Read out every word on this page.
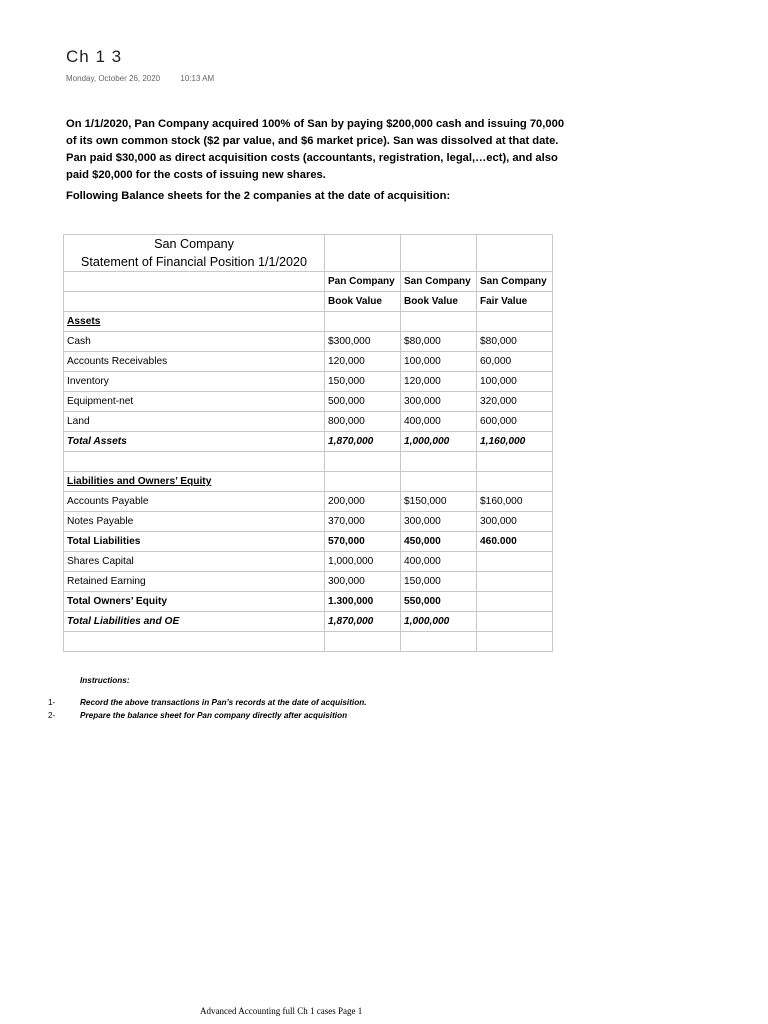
Ch 1 3
Monday, October 26, 2020	10:13 AM
On 1/1/2020, Pan Company acquired 100% of San by paying $200,000 cash and issuing 70,000 of its own common stock ($2 par value, and $6 market price). San was dissolved at that date. Pan paid $30,000 as direct acquisition costs (accountants, registration, legal,…ect), and also paid $20,000 for the costs of issuing new shares.
Following Balance sheets for the 2 companies at the date of acquisition:
San Company
Statement of Financial Position 1/1/2020			

	Pan Company	San Company	San Company
	Book Value	Book Value	Fair Value
Assets			
Cash	$300,000	$80,000	$80,000
Accounts Receivables	120,000	100,000	60,000
Inventory	150,000	120,000	100,000
Equipment-net	500,000	300,000	320,000
Land	800,000	400,000	600,000
Total Assets	1,870,000	1,000,000	1,160,000

Liabilities and Owners’ Equity			
Accounts Payable	200,000	$150,000	$160,000
Notes Payable	370,000	300,000	300,000
Total Liabilities	570,000	450,000	460.000
Shares Capital	1,000,000	400,000	
Retained Earning	300,000	150,000	
Total Owners’ Equity	1.300,000	550,000	
Total Liabilities and OE	1,870,000	1,000,000	

Instructions:
1-	Record the above transactions in Pan’s records at the date of acquisition.
2-	Prepare the balance sheet for Pan company directly after acquisition
Advanced Accounting full Ch 1 cases Page 1
